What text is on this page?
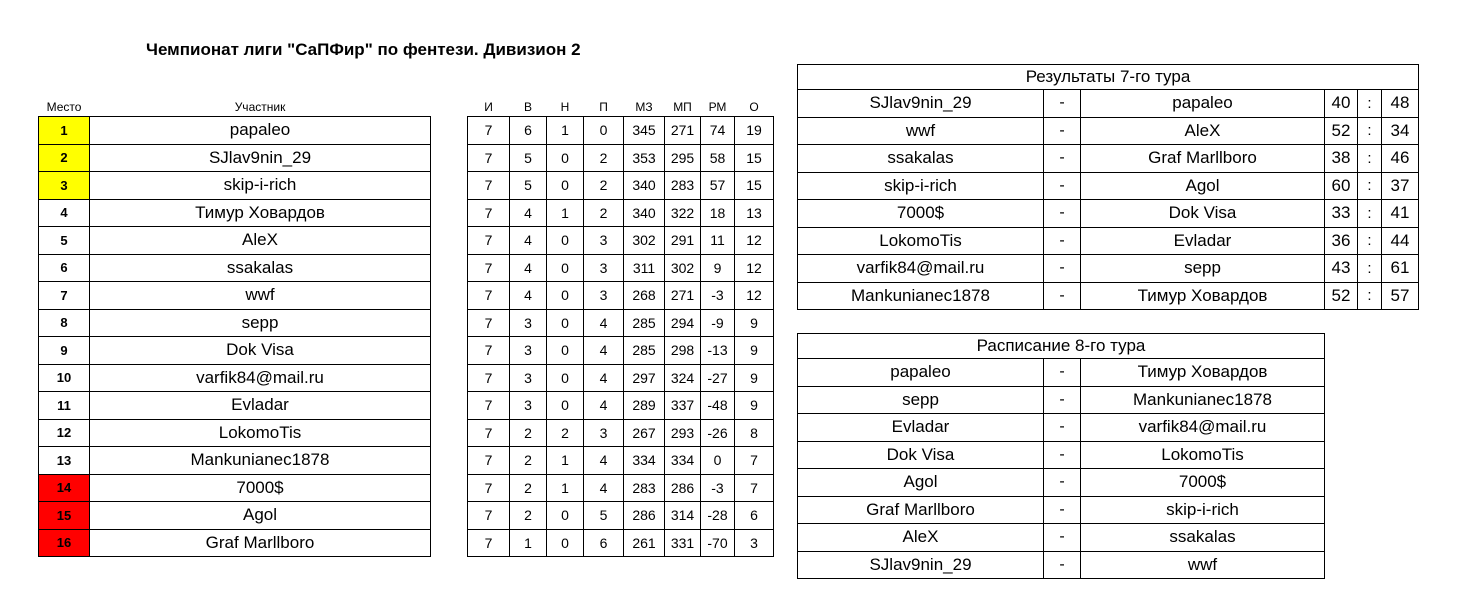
Чемпионат лиги "СаПФир" по фентези. Дивизион 2
Место	Участник		И	В	Н	П	МЗ	МП	РМ	О
1	papaleo		7	6	1	0	345	271	74	19
2	SJlav9nin_29		7	5	0	2	353	295	58	15
3	skip-i-rich		7	5	0	2	340	283	57	15
4	Тимур Ховардов		7	4	1	2	340	322	18	13
5	AleX		7	4	0	3	302	291	11	12
6	ssakalas		7	4	0	3	311	302	9	12
7	wwf		7	4	0	3	268	271	-3	12
8	sepp		7	3	0	4	285	294	-9	9
9	Dok Visa		7	3	0	4	285	298	-13	9
10	varfik84@mail.ru		7	3	0	4	297	324	-27	9
11	Evladar		7	3	0	4	289	337	-48	9
12	LokomoTis		7	2	2	3	267	293	-26	8
13	Mankunianec1878		7	2	1	4	334	334	0	7
14	7000$		7	2	1	4	283	286	-3	7
15	Agol		7	2	0	5	286	314	-28	6
16	Graf Marllboro		7	1	0	6	261	331	-70	3
Результаты 7-го тура					
SJlav9nin_29	-	papaleo	40	:	48
wwf	-	AleX	52	:	34
ssakalas	-	Graf Marllboro	38	:	46
skip-i-rich	-	Agol	60	:	37
7000$	-	Dok Visa	33	:	41
LokomoTis	-	Evladar	36	:	44
varfik84@mail.ru	-	sepp	43	:	61
Mankunianec1878	-	Тимур Ховардов	52	:	57
Расписание 8-го тура		
papaleo	-	Тимур Ховардов
sepp	-	Mankunianec1878
Evladar	-	varfik84@mail.ru
Dok Visa	-	LokomoTis
Agol	-	7000$
Graf Marllboro	-	skip-i-rich
AleX	-	ssakalas
SJlav9nin_29	-	wwf
